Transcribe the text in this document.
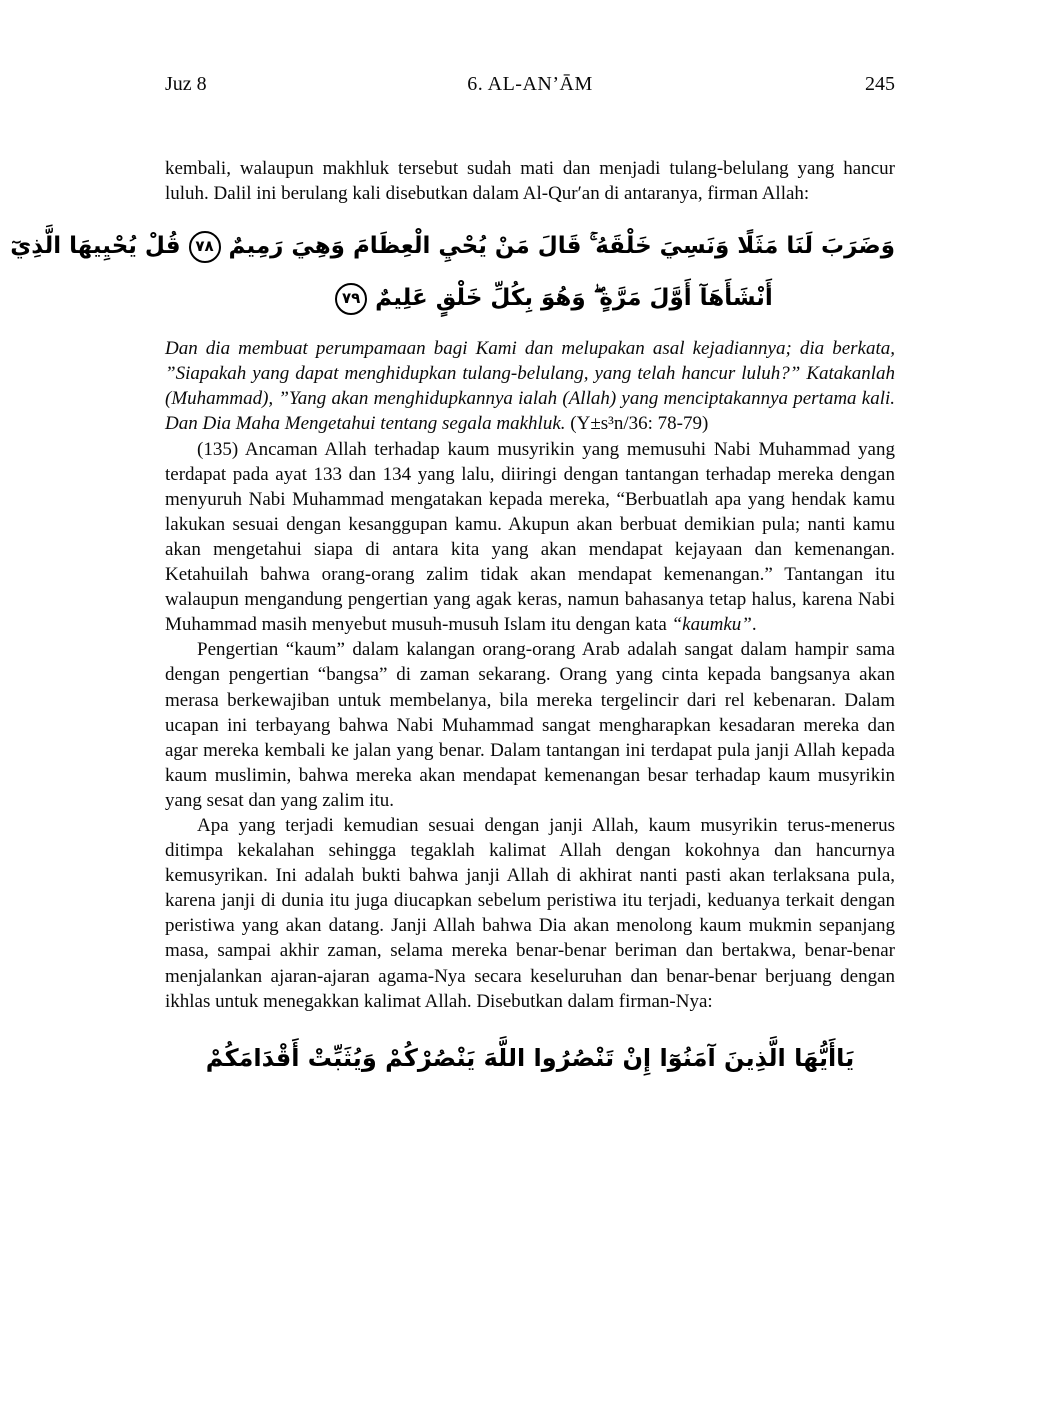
Juz 8	6. AL-AN’ĀM	245

kembali, walaupun makhluk tersebut sudah mati dan menjadi tulang-belulang yang hancur luluh. Dalil ini berulang kali disebutkan dalam Al-Qur′an di antaranya, firman Allah:

وَضَرَبَ لَنَا مَثَلًا وَنَسِيَ خَلْقَهُ ۚ قَالَ مَنْ يُحْيِ الْعِظَامَ وَهِيَ رَمِيمٌ٧٨قُلْ يُحْيِيهَا الَّذِيٓ
أَنْشَأَهَآ أَوَّلَ مَرَّةٍ ۖ وَهُوَ بِكُلِّ خَلْقٍ عَلِيمٌ٧٩

Dan dia membuat perumpamaan bagi Kami dan melupakan asal kejadiannya; dia berkata, ”Siapakah yang dapat menghidupkan tulang-belulang, yang telah hancur luluh?” Katakanlah (Muhammad), ”Yang akan menghidupkannya ialah (Allah) yang menciptakannya pertama kali. Dan Dia Maha Mengetahui tentang segala makhluk. (Y±s³n/36: 78-79)

(135) Ancaman Allah terhadap kaum musyrikin yang memusuhi Nabi Muhammad yang terdapat pada ayat 133 dan 134 yang lalu, diiringi dengan tantangan terhadap mereka dengan menyuruh Nabi Muhammad mengatakan kepada mereka, “Berbuatlah apa yang hendak kamu lakukan sesuai dengan kesanggupan kamu. Akupun akan berbuat demikian pula; nanti kamu akan mengetahui siapa di antara kita yang akan mendapat kejayaan dan kemenangan. Ketahuilah bahwa orang-orang zalim tidak akan mendapat kemenangan.” Tantangan itu walaupun mengandung pengertian yang agak keras, namun bahasanya tetap halus, karena Nabi Muhammad masih menyebut musuh-musuh Islam itu dengan kata “kaumku”.

Pengertian “kaum” dalam kalangan orang-orang Arab adalah sangat dalam hampir sama dengan pengertian “bangsa” di zaman sekarang. Orang yang cinta kepada bangsanya akan merasa berkewajiban untuk membelanya, bila mereka tergelincir dari rel kebenaran. Dalam ucapan ini terbayang bahwa Nabi Muhammad sangat mengharapkan kesadaran mereka dan agar mereka kembali ke jalan yang benar. Dalam tantangan ini terdapat pula janji Allah kepada kaum muslimin, bahwa mereka akan mendapat kemenangan besar terhadap kaum musyrikin yang sesat dan yang zalim itu.

Apa yang terjadi kemudian sesuai dengan janji Allah, kaum musyrikin terus-menerus ditimpa kekalahan sehingga tegaklah kalimat Allah dengan kokohnya dan hancurnya kemusyrikan. Ini adalah bukti bahwa janji Allah di akhirat nanti pasti akan terlaksana pula, karena janji di dunia itu juga diucapkan sebelum peristiwa itu terjadi, keduanya terkait dengan peristiwa yang akan datang. Janji Allah bahwa Dia akan menolong kaum mukmin sepanjang masa, sampai akhir zaman, selama mereka benar-benar beriman dan bertakwa, benar-benar menjalankan ajaran-ajaran agama-Nya secara keseluruhan dan benar-benar berjuang dengan ikhlas untuk menegakkan kalimat Allah. Disebutkan dalam firman-Nya:

يَاأَيُّهَا الَّذِينَ آمَنُوٓا إِنْ تَنْصُرُوا اللَّهَ يَنْصُرْكُمْ وَيُثَبِّتْ أَقْدَامَكُمْ
